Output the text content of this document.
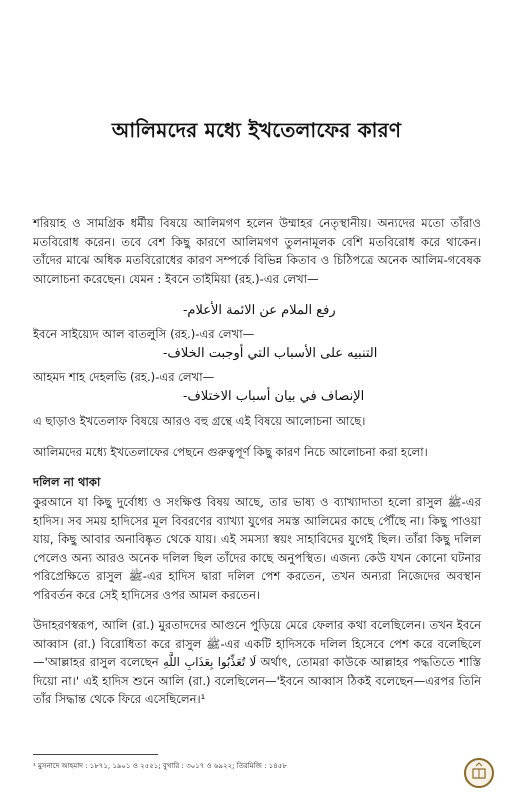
আলিমদের মধ্যে ইখতেলাফের কারণ

শরিয়াহ ও সামগ্রিক ধর্মীয় বিষয়ে আলিমগণ হলেন উম্মাহর নেতৃস্থানীয়। অন্যদের মতো তাঁরাও মতবিরোধ করেন। তবে বেশ কিছু কারণে আলিমগণ তুলনামূলক বেশি মতবিরোধ করে থাকেন। তাঁদের মাঝে অধিক মতবিরোধের কারণ সম্পর্কে বিভিন্ন কিতাব ও চিঠিপত্রে অনেক আলিম-গবেষক আলোচনা করেছেন। যেমন : ইবনে তাইমিয়া (রহ.)-এর লেখা—

رفع الملام عن الائمة الأعلام-
ইবনে সাইয়্যেদ আল বাতলুসি (রহ.)-এর লেখা—
التنبيه على الأسباب التي أوجبت الخلاف-
আহমদ শাহ দেহলভি (রহ.)-এর লেখা—
الإنصاف في بيان أسباب الاختلاف-

এ ছাড়াও ইখতেলাফ বিষয়ে আরও বহু গ্রন্থে এই বিষয়ে আলোচনা আছে।

আলিমদের মধ্যে ইখতেলাফের পেছনে গুরুত্বপূর্ণ কিছু কারণ নিচে আলোচনা করা হলো।

দলিল না থাকা

কুরআনে যা কিছু দুর্বোধ্য ও সংক্ষিপ্ত বিষয় আছে, তার ভাষ্য ও ব্যাখ্যাদাতা হলো রাসুল ﷺ-এর হাদিস। সব সময় হাদিসের মূল বিবরণের ব্যাখ্যা যুগের সমস্ত আলিমের কাছে পৌঁছে না। কিছু পাওয়া যায়, কিছু আবার অনাবিষ্কৃত থেকে যায়। এই সমস্যা স্বয়ং সাহাবিদের যুগেই ছিল। তাঁরা কিছু দলিল পেলেও অন্য আরও অনেক দলিল ছিল তাঁদের কাছে অনুপস্থিত। এজন্য কেউ যখন কোনো ঘটনার পরিপ্রেক্ষিতে রাসুল ﷺ-এর হাদিস দ্বারা দলিল পেশ করতেন, তখন অন্যরা নিজেদের অবস্থান পরিবর্তন করে সেই হাদিসের ওপর আমল করতেন।

উদাহরণস্বরূপ, আলি (রা.) মুরতাদদের আগুনে পুড়িয়ে মেরে ফেলার কথা বলেছিলেন। তখন ইবনে আব্বাস (রা.) বিরোধিতা করে রাসুল ﷺ-এর একটি হাদিসকে দলিল হিসেবে পেশ করে বলেছিলে—'আল্লাহর রাসুল বলেছেন لَا تُعَذِّبُوا بِعَذَابِ اللَّهِ অর্থাৎ, তোমরা কাউকে আল্লাহর পদ্ধতিতে শাস্তি দিয়ো না।' এই হাদিস শুনে আলি (রা.) বলেছিলেন—'ইবনে আব্বাস ঠিকই বলেছেন—এরপর তিনি তাঁর সিদ্ধান্ত থেকে ফিরে এসেছিলেন।¹

¹ মুসনাদে আহমাদ : ১৮৭১, ১৯০১ ও ২৫৫১; বুখারি : ৩০১৭ ও ৬৯২২; তিরমিজি : ১৪৫৮
